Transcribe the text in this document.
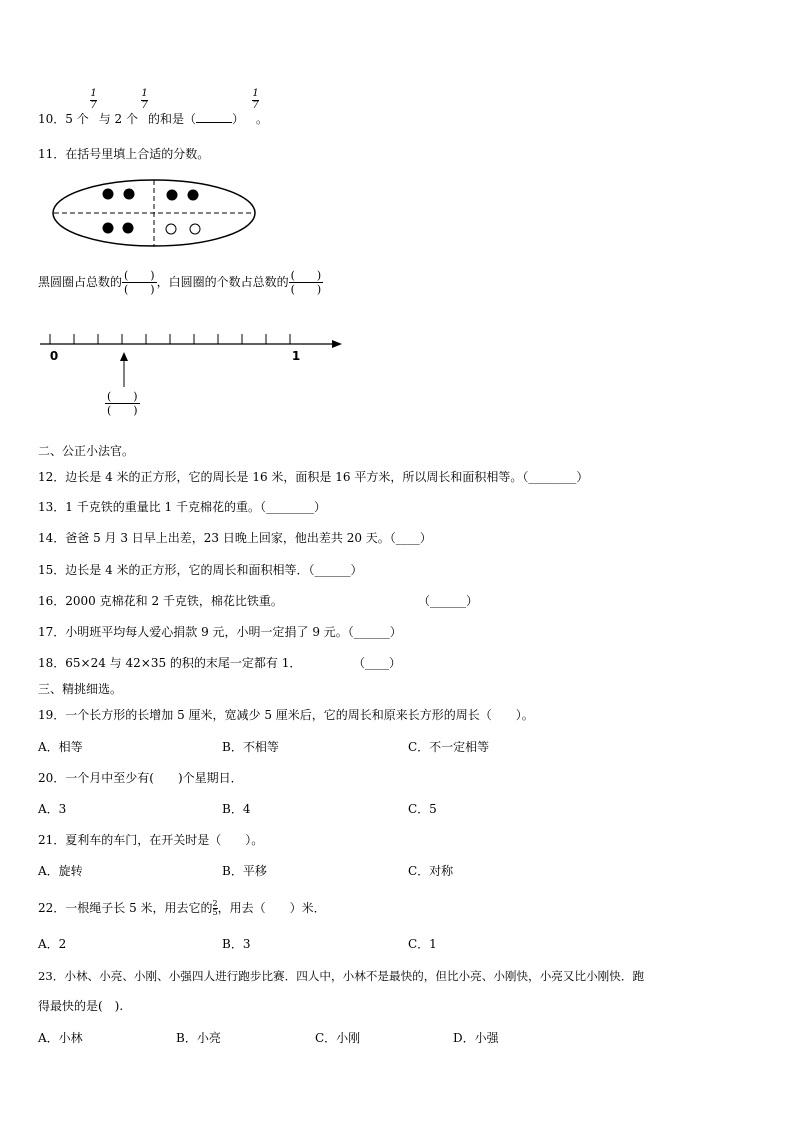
10．5 个 与 2 个 的和是（	） 。
1
7
1
7
1
7
11．在括号里填上合适的分数。
黑圆圈占总数的 $\frac{( )}{( )}$ ，白圆圈的个数占总数的 $\frac{( )}{( )}$
0	1
$\frac{( )}{( )}$
二、公正小法官。
12．边长是 4 米的正方形，它的周长是 16 米，面积是 16 平方米，所以周长和面积相等。（________）
13．1 千克铁的重量比 1 千克棉花的重。（________）
14．爸爸 5 月 3 日早上出差，23 日晚上回家，他出差共 20 天。（____）
15．边长是 4 米的正方形，它的周长和面积相等．（______）
16．2000 克棉花和 2 千克铁，棉花比铁重。	（______）
17．小明班平均每人爱心捐款 9 元，小明一定捐了 9 元。（______）
18．65×24 与 42×35 的积的末尾一定都有 1．	（____）
三、精挑细选。
19．一个长方形的长增加 5 厘米，宽减少 5 厘米后，它的周长和原来长方形的周长（　　）。
A．相等	B．不相等	C．不一定相等
20．一个月中至少有(　　)个星期日．
A．3	B．4	C．5
21．夏利车的车门，在开关时是（　　）。
A．旋转	B．平移	C．对称
22．一根绳子长 5 米，用去它的 $\frac{2}{5}$ ，用去（　　）米．
A．2	B．3	C．1
23．小林、小亮、小刚、小强四人进行跑步比赛．四人中，小林不是最快的，但比小亮、小刚快，小亮又比小刚快．跑
得最快的是(　).
A．小林	B．小亮	C．小刚	D．小强
